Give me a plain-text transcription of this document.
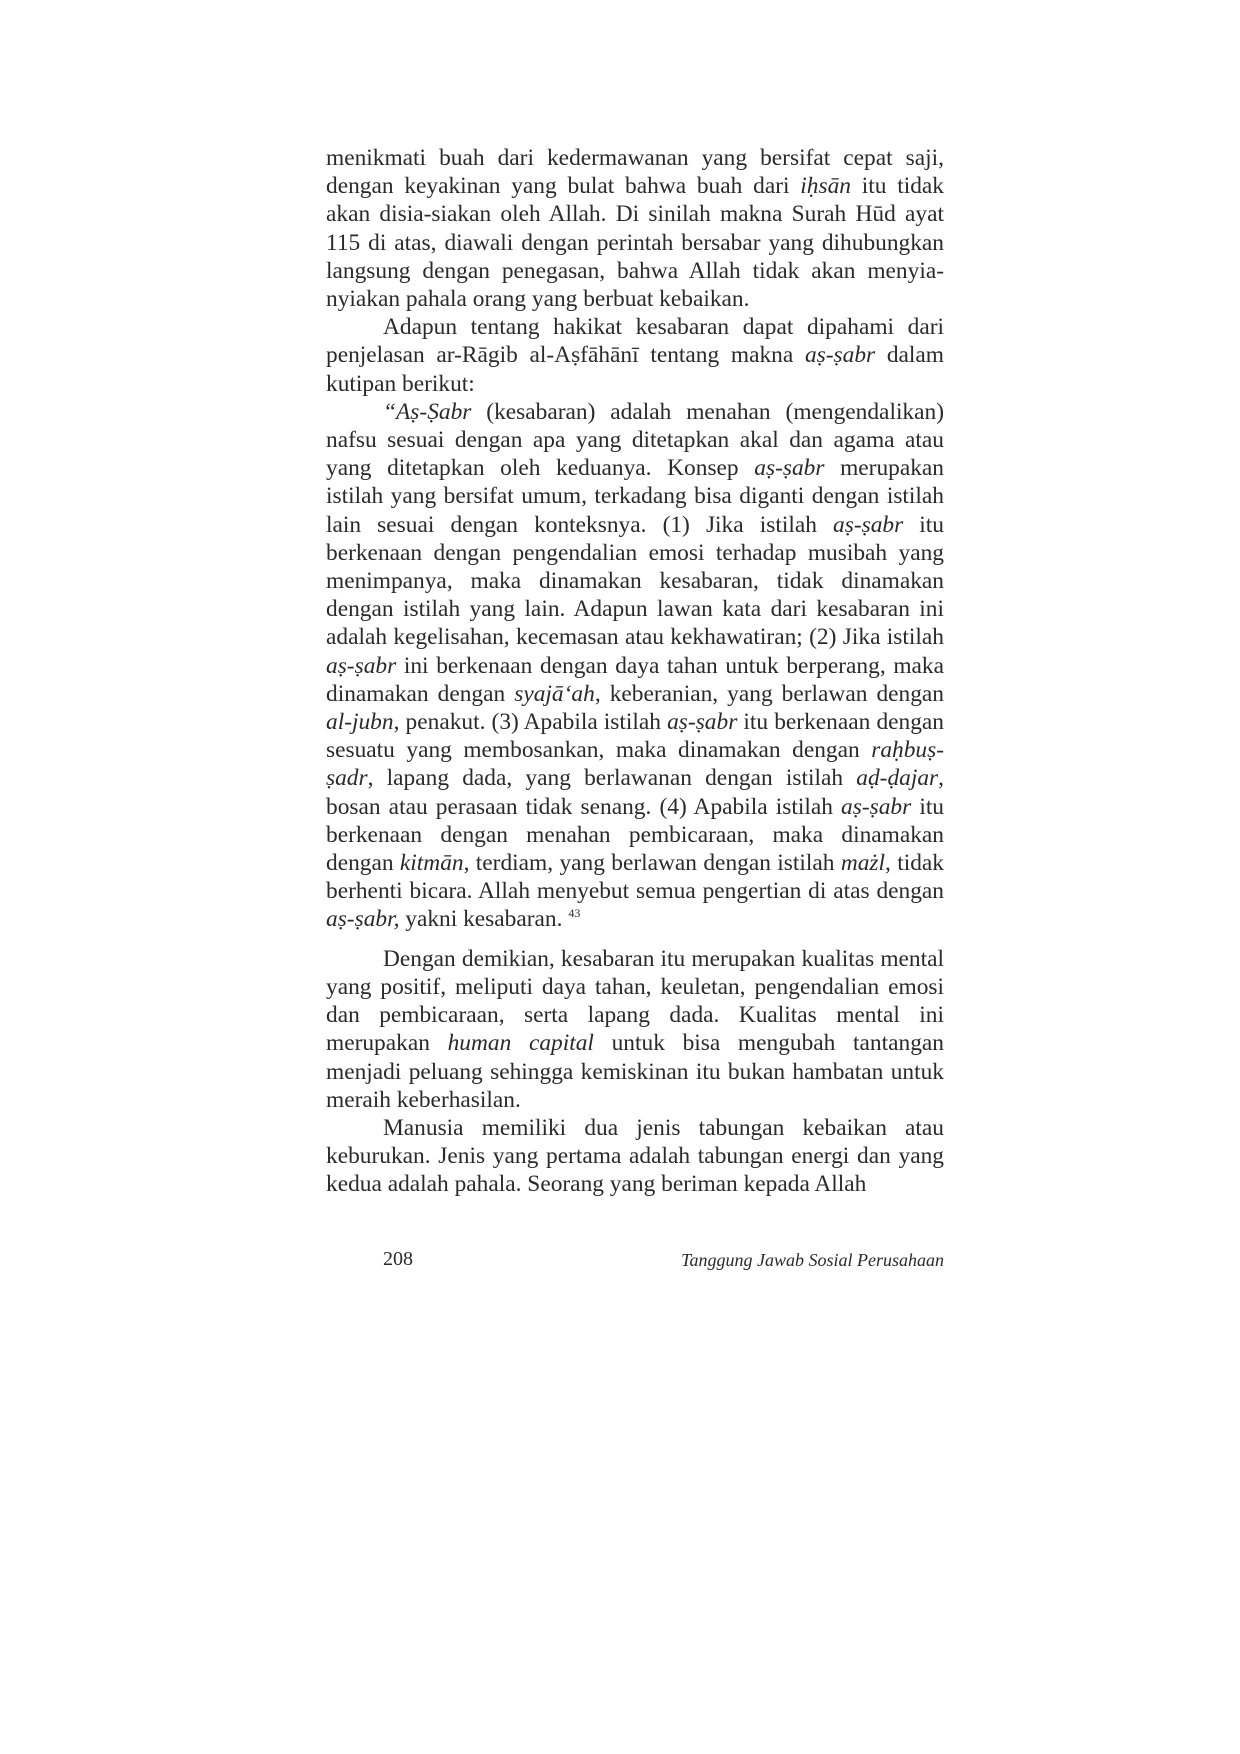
menikmati buah dari kedermawanan yang bersifat cepat saji, dengan keyakinan yang bulat bahwa buah dari iḥsān itu tidak akan disia-siakan oleh Allah. Di sinilah makna Surah Hūd ayat 115 di atas, diawali dengan perintah bersabar yang dihubungkan langsung dengan penegasan, bahwa Allah tidak akan menyia-nyiakan pahala orang yang berbuat kebaikan.

Adapun tentang hakikat kesabaran dapat dipahami dari penjelasan ar-Rāgib al-Aṣfāhānī tentang makna aṣ-ṣabr dalam kutipan berikut:

“Aṣ-Ṣabr (kesabaran) adalah menahan (mengendalikan) nafsu sesuai dengan apa yang ditetapkan akal dan agama atau yang ditetapkan oleh keduanya. Konsep aṣ-ṣabr merupakan istilah yang bersifat umum, terkadang bisa diganti dengan istilah lain sesuai dengan konteksnya. (1) Jika istilah aṣ-ṣabr itu berkenaan dengan pengendalian emosi terhadap musibah yang menimpanya, maka dinamakan kesabaran, tidak dinamakan dengan istilah yang lain. Adapun lawan kata dari kesabaran ini adalah kegelisahan, kecemasan atau kekhawatiran; (2) Jika istilah aṣ-ṣabr ini berkenaan dengan daya tahan untuk berperang, maka dinamakan dengan syajā‘ah, keberanian, yang berlawan dengan al-jubn, penakut. (3) Apabila istilah aṣ-ṣabr itu berkenaan dengan sesuatu yang membosankan, maka dinamakan dengan raḥbuṣ-ṣadr, lapang dada, yang berlawanan dengan istilah aḍ-ḍajar, bosan atau perasaan tidak senang. (4) Apabila istilah aṣ-ṣabr itu berkenaan dengan menahan pembicaraan, maka dinamakan dengan kitmān, terdiam, yang berlawan dengan istilah mażl, tidak berhenti bicara. Allah menyebut semua pengertian di atas dengan aṣ-ṣabr, yakni kesabaran. $^{43}$

Dengan demikian, kesabaran itu merupakan kualitas mental yang positif, meliputi daya tahan, keuletan, pengendalian emosi dan pembicaraan, serta lapang dada. Kualitas mental ini merupakan human capital untuk bisa mengubah tantangan menjadi peluang sehingga kemiskinan itu bukan hambatan untuk meraih keberhasilan.

Manusia memiliki dua jenis tabungan kebaikan atau keburukan. Jenis yang pertama adalah tabungan energi dan yang kedua adalah pahala. Seorang yang beriman kepada Allah

208	Tanggung Jawab Sosial Perusahaan
